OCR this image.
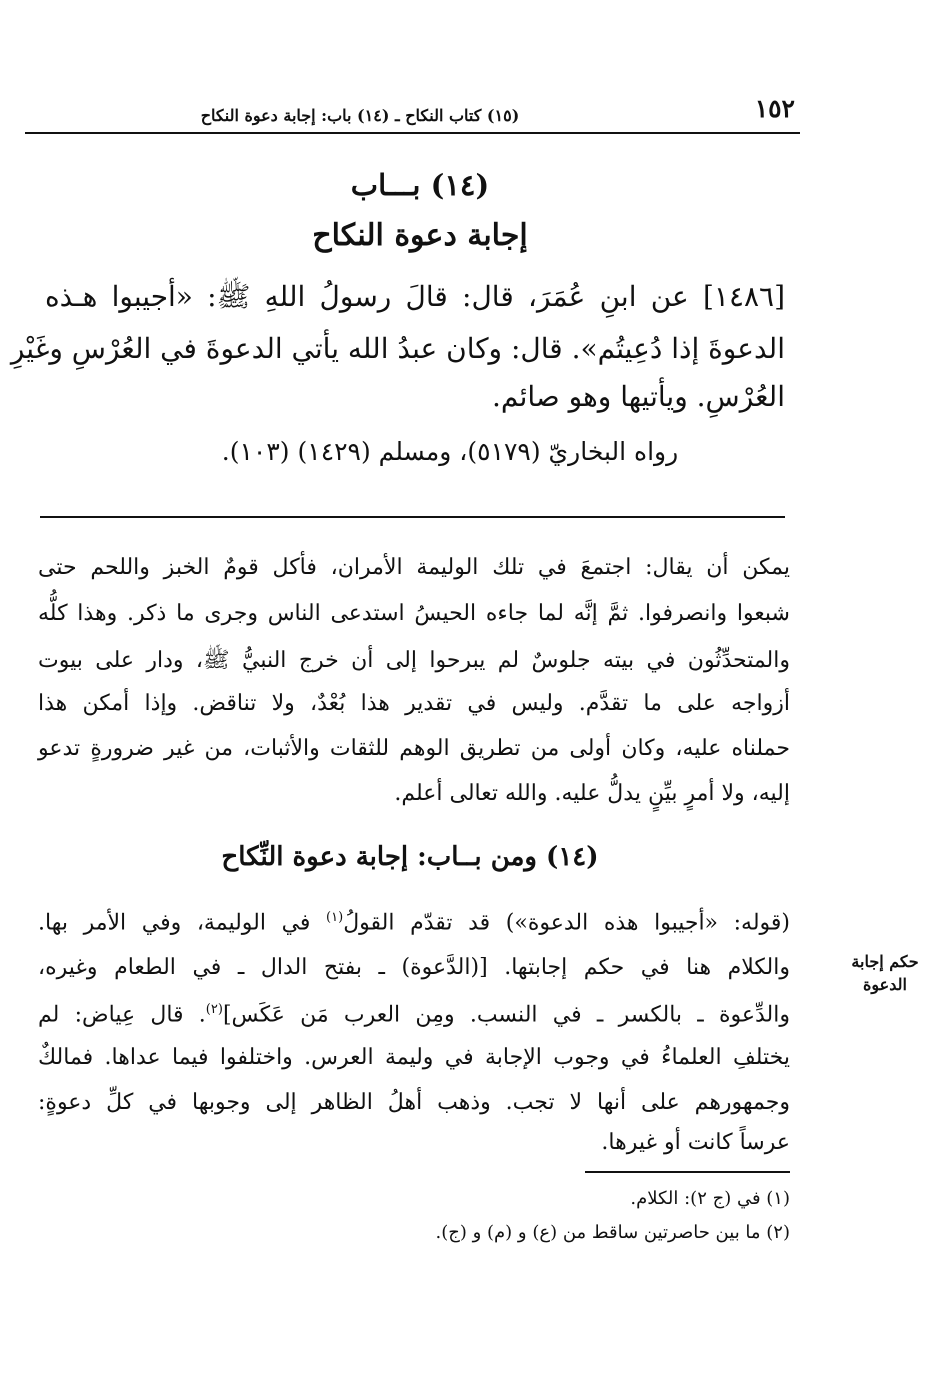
١٥٢
(١٥) كتاب النكاح ـ (١٤) باب: إجابة دعوة النكاح
(١٤) بـــاب
إجابة دعوة النكاح
[١٤٨٦] عن ابنِ عُمَرَ، قال: قالَ رسولُ اللهِ ﷺ: «أجيبوا هـذه
الدعوةَ إذا دُعِيتُم». قال: وكان عبدُ الله يأتي الدعوةَ في العُرْسِ وغَيْرِ
العُرْسِ. ويأتيها وهو صائم.
رواه البخاريّ (٥١٧٩)، ومسلم (١٤٢٩) (١٠٣).
يمكن أن يقال: اجتمعَ في تلك الوليمة الأمران، فأكل قومٌ الخبز واللحم حتى
شبعوا وانصرفوا. ثمَّ إنَّه لما جاءه الحيسُ استدعى الناس وجرى ما ذكر. وهذا كلُّه
والمتحدِّثُون في بيته جلوسٌ لم يبرحوا إلى أن خرج النبيُّ ﷺ، ودار على بيوت
أزواجه على ما تقدَّم. وليس في تقدير هذا بُعْدٌ، ولا تناقض. وإذا أمكن هذا
حملناه عليه، وكان أولى من تطريق الوهم للثقات والأثبات، من غير ضرورةٍ تدعو
إليه، ولا أمرٍ بيِّنٍ يدلُّ عليه. والله تعالى أعلم.
(١٤) ومن بــاب: إجابة دعوة النِّكاح
(قوله: «أجيبوا هذه الدعوة») قد تقدّم القولُ$^{(١)}$ في الوليمة، وفي الأمر بها.
والكلام هنا في حكم إجابتها. [(الدَّعوة) ـ بفتح الدال ـ في الطعام وغيره،
والدِّعوة ـ بالكسر ـ في النسب. ومِن العرب مَن عَكَس]$^{(٢)}$. قال عِياض: لم
يختلفِ العلماءُ في وجوب الإجابة في وليمة العرس. واختلفوا فيما عداها. فمالكٌ
وجمهورهم على أنها لا تجب. وذهب أهلُ الظاهر إلى وجوبها في كلِّ دعوةٍ:
عرساً كانت أو غيرها.
حكم إجابة
الدعوة
(١) في (ج ٢): الكلام.
(٢) ما بين حاصرتين ساقط من (ع) و (م) و (ج).
